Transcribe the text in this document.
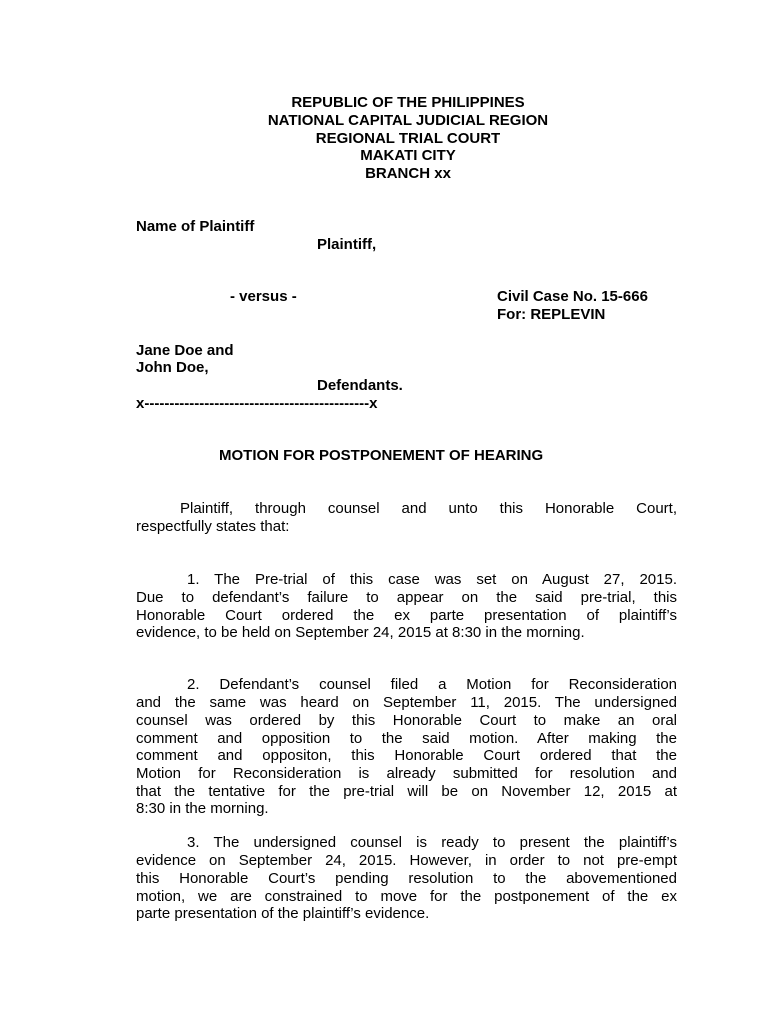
REPUBLIC OF THE PHILIPPINES
NATIONAL CAPITAL JUDICIAL REGION
REGIONAL TRIAL COURT
MAKATI CITY
BRANCH xx
Name of Plaintiff
Plaintiff,
- versus -	Civil Case No. 15-666
For: REPLEVIN
Jane Doe and
John Doe,
Defendants.
x---------------------------------------------x
MOTION FOR POSTPONEMENT OF HEARING
Plaintiff, through counsel and unto this Honorable Court,
respectfully states that:
1. The Pre-trial of this case was set on August 27, 2015.
Due to defendant’s failure to appear on the said pre-trial, this
Honorable Court ordered the ex parte presentation of plaintiff’s
evidence, to be held on September 24, 2015 at 8:30 in the morning.
2. Defendant’s counsel filed a Motion for Reconsideration
and the same was heard on September 11, 2015. The undersigned
counsel was ordered by this Honorable Court to make an oral
comment and opposition to the said motion. After making the
comment and oppositon, this Honorable Court ordered that the
Motion for Reconsideration is already submitted for resolution and
that the tentative for the pre-trial will be on November 12, 2015 at
8:30 in the morning.
3. The undersigned counsel is ready to present the plaintiff’s
evidence on September 24, 2015. However, in order to not pre-empt
this Honorable Court’s pending resolution to the abovementioned
motion, we are constrained to move for the postponement of the ex
parte presentation of the plaintiff’s evidence.
